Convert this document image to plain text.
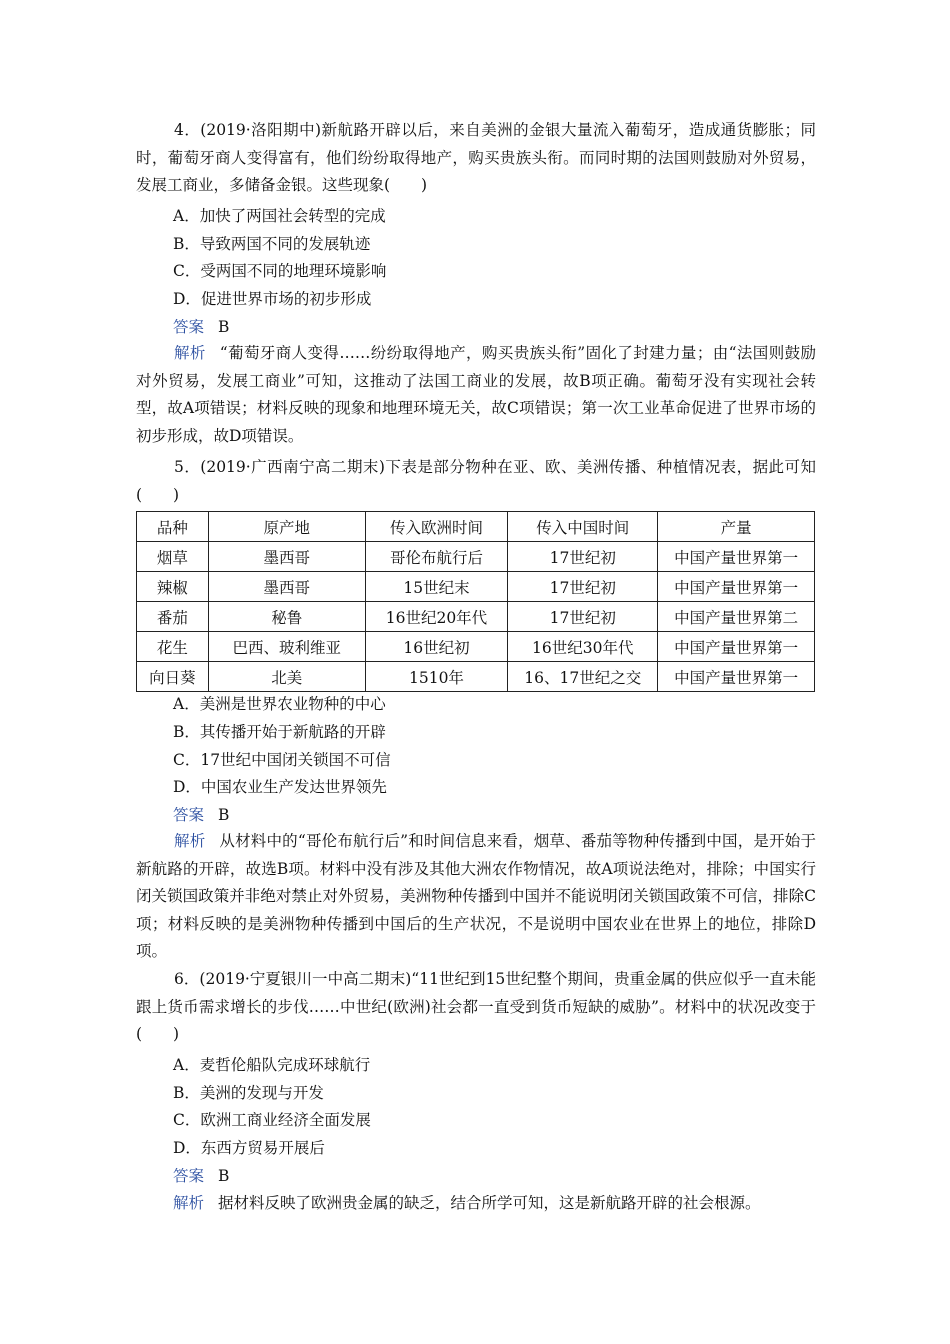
4．(2019·洛阳期中)新航路开辟以后，来自美洲的金银大量流入葡萄牙，造成通货膨胀；同时，葡萄牙商人变得富有，他们纷纷取得地产，购买贵族头衔。而同时期的法国则鼓励对外贸易，发展工商业，多储备金银。这些现象(　　)
A．加快了两国社会转型的完成
B．导致两国不同的发展轨迹
C．受两国不同的地理环境影响
D．促进世界市场的初步形成
答案 B
解析 “葡萄牙商人变得……纷纷取得地产，购买贵族头衔”固化了封建力量；由“法国则鼓励对外贸易，发展工商业”可知，这推动了法国工商业的发展，故B项正确。葡萄牙没有实现社会转型，故A项错误；材料反映的现象和地理环境无关，故C项错误；第一次工业革命促进了世界市场的初步形成，故D项错误。
5．(2019·广西南宁高二期末)下表是部分物种在亚、欧、美洲传播、种植情况表，据此可知(　　)
品种	原产地	传入欧洲时间	传入中国时间	产量
烟草	墨西哥	哥伦布航行后	17世纪初	中国产量世界第一
辣椒	墨西哥	15世纪末	17世纪初	中国产量世界第一
番茄	秘鲁	16世纪20年代	17世纪初	中国产量世界第二
花生	巴西、玻利维亚	16世纪初	16世纪30年代	中国产量世界第一
向日葵	北美	1510年	16、17世纪之交	中国产量世界第一
A．美洲是世界农业物种的中心
B．其传播开始于新航路的开辟
C．17世纪中国闭关锁国不可信
D．中国农业生产发达世界领先
答案 B
解析 从材料中的“哥伦布航行后”和时间信息来看，烟草、番茄等物种传播到中国，是开始于新航路的开辟，故选B项。材料中没有涉及其他大洲农作物情况，故A项说法绝对，排除；中国实行闭关锁国政策并非绝对禁止对外贸易，美洲物种传播到中国并不能说明闭关锁国政策不可信，排除C项；材料反映的是美洲物种传播到中国后的生产状况，不是说明中国农业在世界上的地位，排除D项。
6．(2019·宁夏银川一中高二期末)“11世纪到15世纪整个期间，贵重金属的供应似乎一直未能跟上货币需求增长的步伐……中世纪(欧洲)社会都一直受到货币短缺的威胁”。材料中的状况改变于(　　)
A．麦哲伦船队完成环球航行
B．美洲的发现与开发
C．欧洲工商业经济全面发展
D．东西方贸易开展后
答案 B
解析 据材料反映了欧洲贵金属的缺乏，结合所学可知，这是新航路开辟的社会根源。
